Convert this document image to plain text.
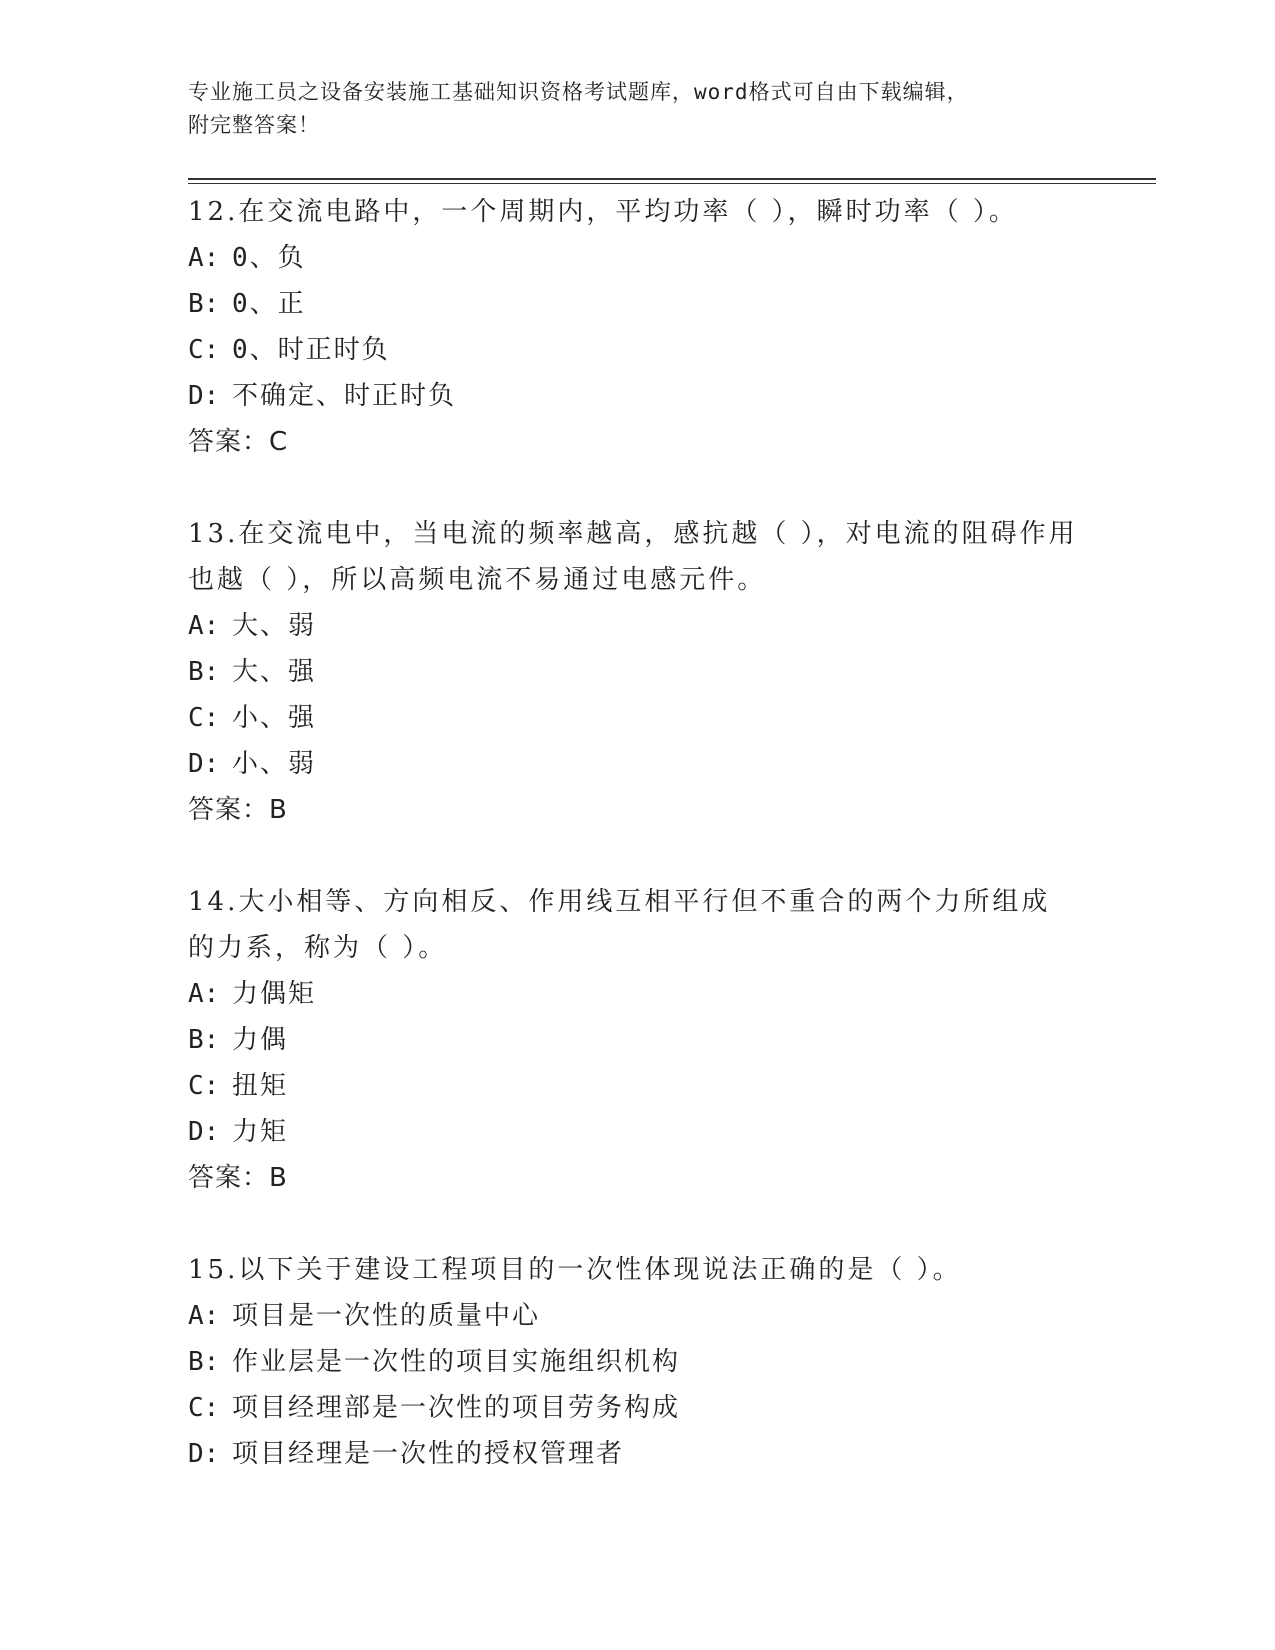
专业施工员之设备安装施工基础知识资格考试题库，word格式可自由下载编辑，
附完整答案！
12.在交流电路中，一个周期内，平均功率（ ），瞬时功率（ ）。
A: 0、负
B: 0、正
C: 0、时正时负
D: 不确定、时正时负
答案：C
13.在交流电中，当电流的频率越高，感抗越（ ），对电流的阻碍作用也越（ ），所以高频电流不易通过电感元件。
A: 大、弱
B: 大、强
C: 小、强
D: 小、弱
答案：B
14.大小相等、方向相反、作用线互相平行但不重合的两个力所组成的力系，称为（ ）。
A: 力偶矩
B: 力偶
C: 扭矩
D: 力矩
答案：B
15.以下关于建设工程项目的一次性体现说法正确的是（ ）。
A: 项目是一次性的质量中心
B: 作业层是一次性的项目实施组织机构
C: 项目经理部是一次性的项目劳务构成
D: 项目经理是一次性的授权管理者
